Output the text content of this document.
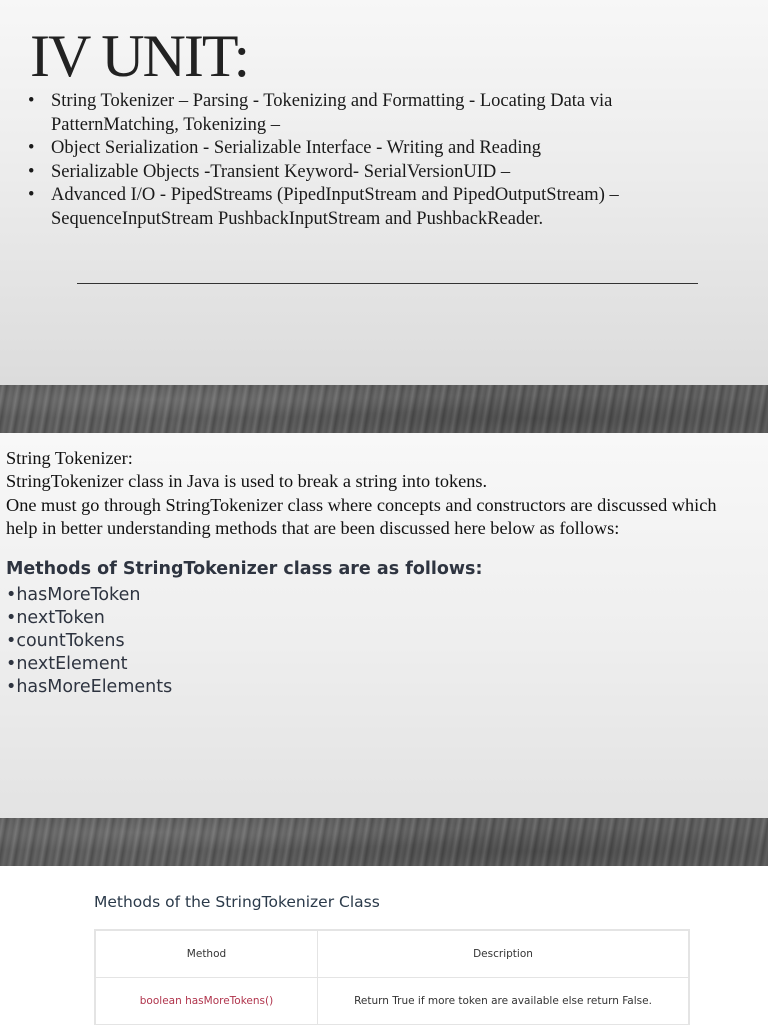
IV UNIT:
• String Tokenizer – Parsing - Tokenizing and Formatting - Locating Data via PatternMatching, Tokenizing –
• Object Serialization - Serializable Interface - Writing and Reading
• Serializable Objects -Transient Keyword- SerialVersionUID –
• Advanced I/O - PipedStreams (PipedInputStream and PipedOutputStream) – SequenceInputStream PushbackInputStream and PushbackReader.

String Tokenizer:

StringTokenizer class in Java is used to break a string into tokens.

One must go through StringTokenizer class where concepts and constructors are discussed which help in better understanding methods that are been discussed here below as follows:

Methods of StringTokenizer class are as follows:
•hasMoreToken
•nextToken
•countTokens
•nextElement
•hasMoreElements
Methods of the StringTokenizer Class
Method	Description
boolean hasMoreTokens()	Return True if more token are available else return False.
